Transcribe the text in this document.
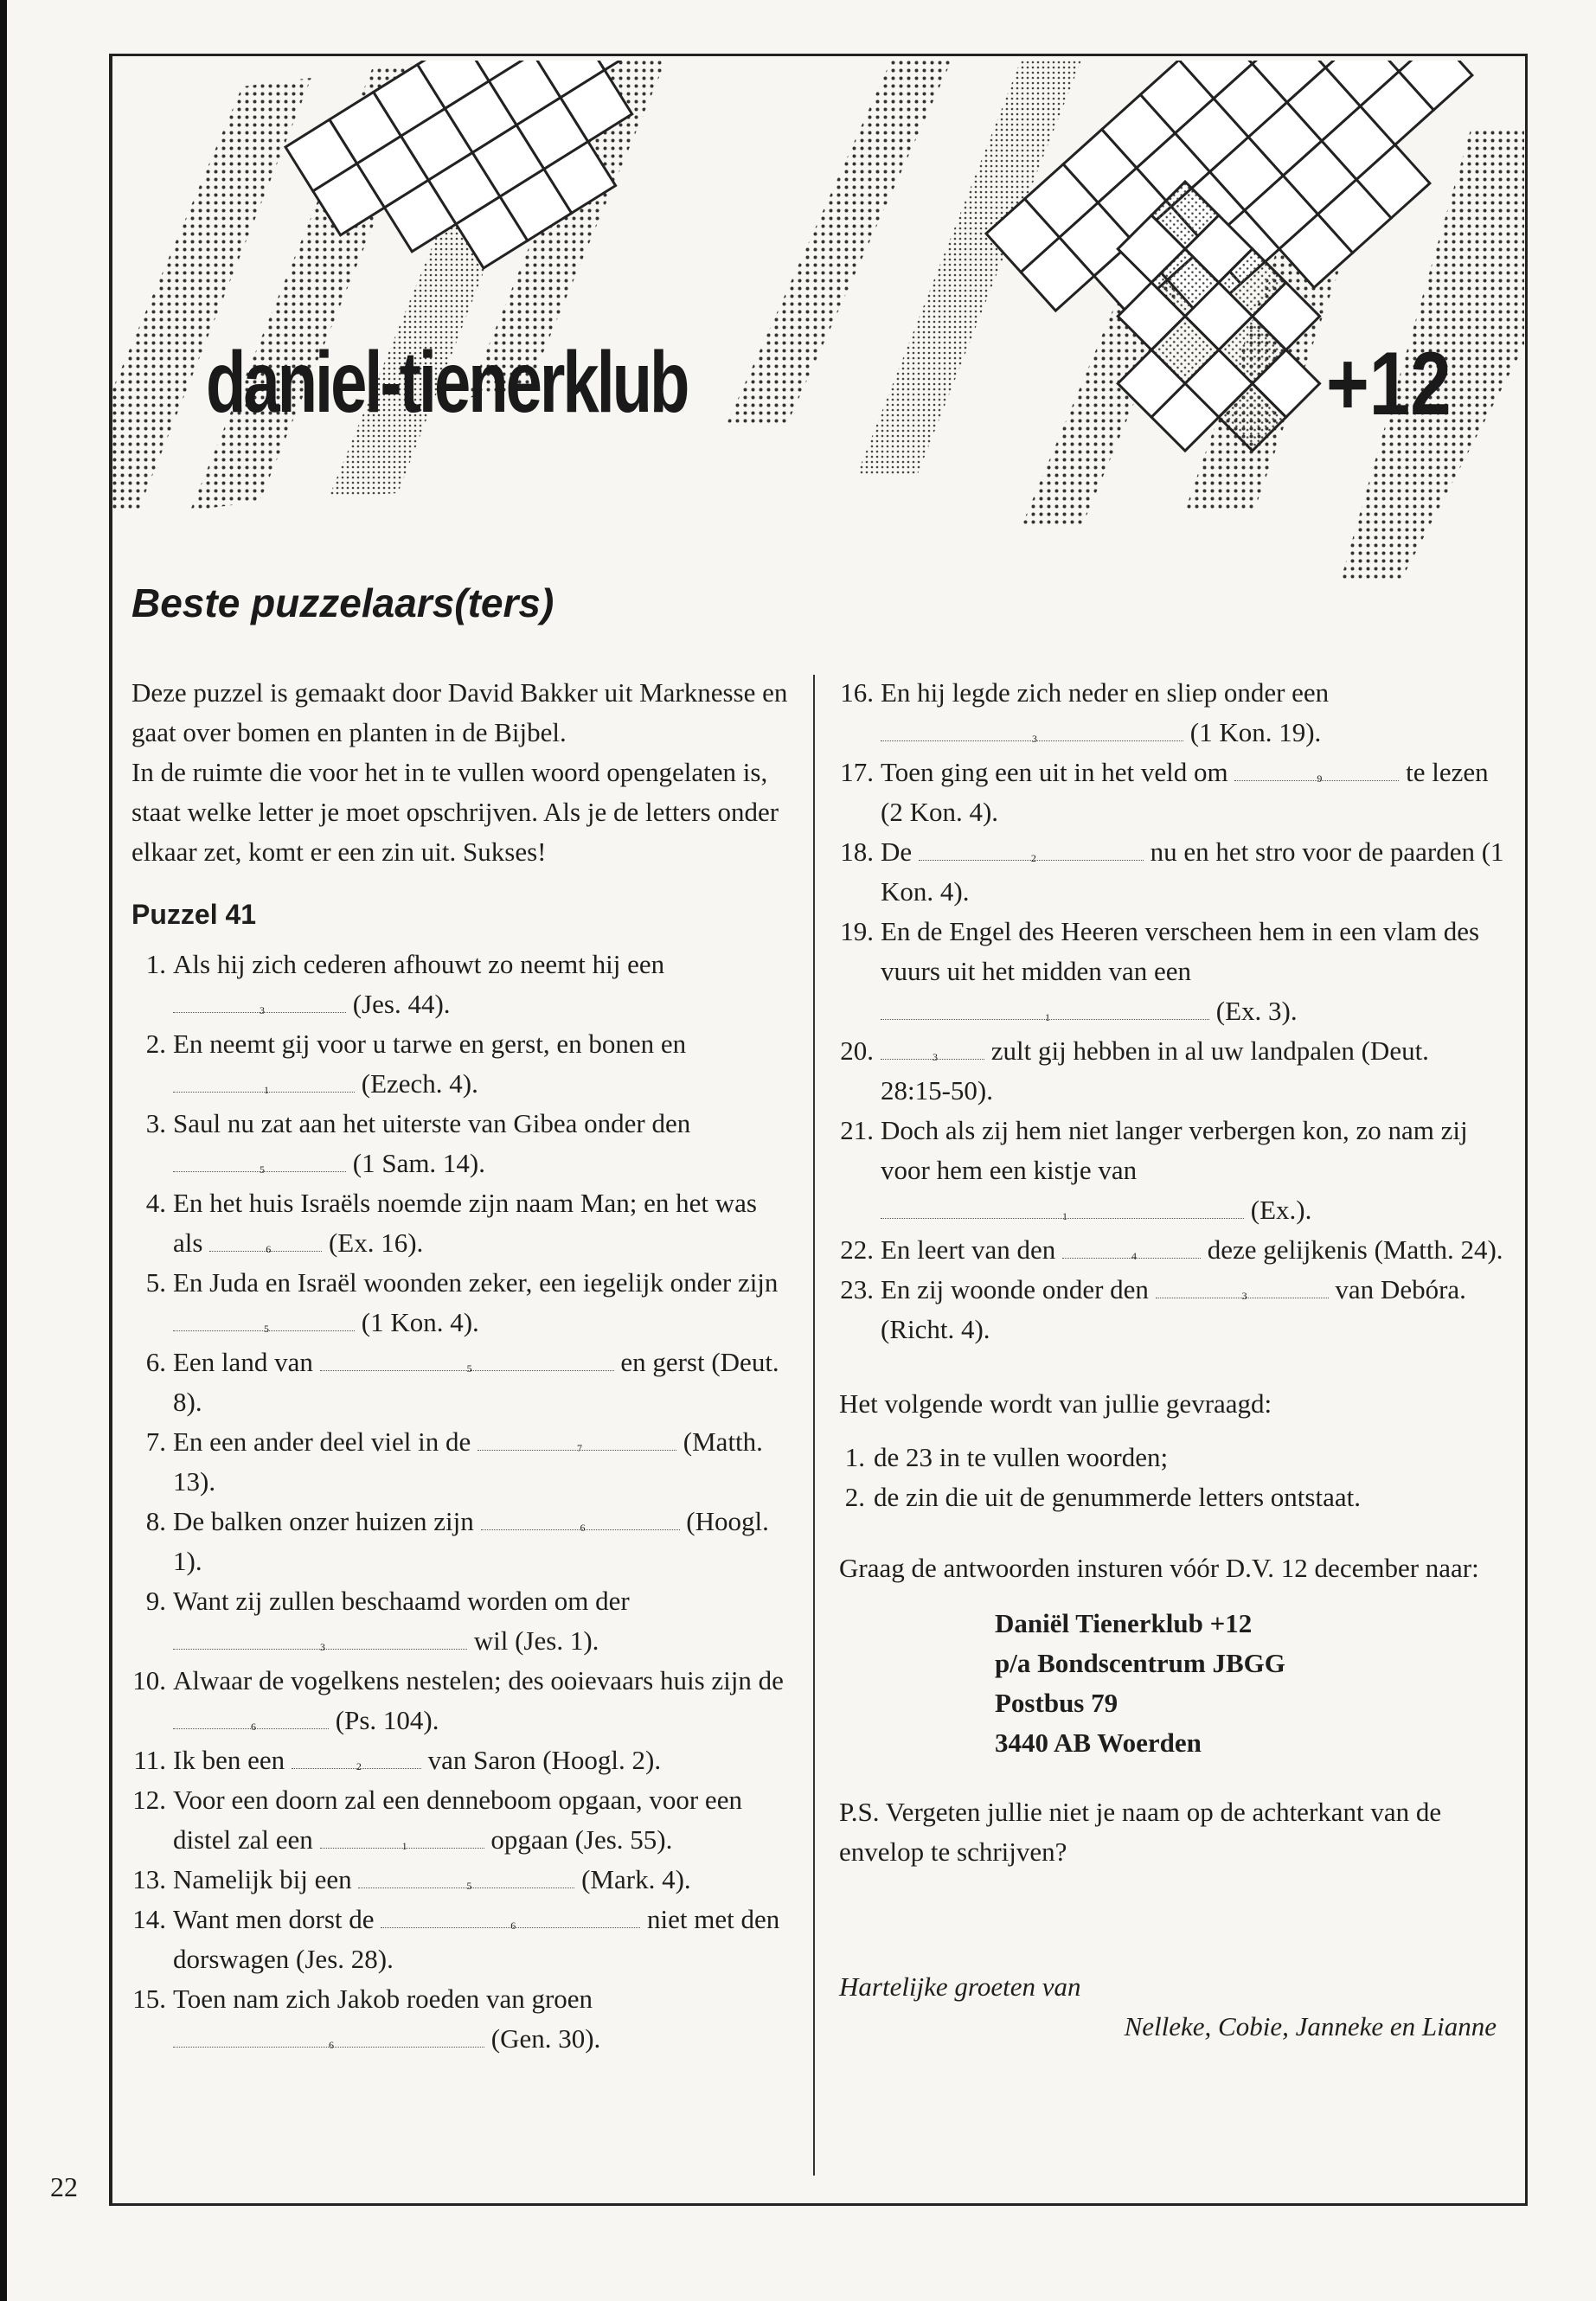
daniel-tienerklub	+12
Beste puzzelaars(ters)

Deze puzzel is gemaakt door David Bakker uit Marknesse en gaat over bomen en planten in de Bijbel.

In de ruimte die voor het in te vullen woord opengelaten is, staat welke letter je moet opschrijven. Als je de letters onder elkaar zet, komt er een zin uit. Sukses!

Puzzel 41
1. Als hij zich cederen afhouwt zo neemt hij een
3	(Jes. 44).
2. En neemt gij voor u tarwe en gerst, en bonen en
1	(Ezech. 4).
3. Saul nu zat aan het uiterste van Gibea onder den
5	(1 Sam. 14).
4. En het huis Israëls noemde zijn naam Man; en het was als	6 (Ex. 16).
5. En Juda en Israël woonden zeker, een iegelijk onder zijn
5	(1 Kon. 4).
6. Een land van	5	en gerst (Deut. 8).
7. En een ander deel viel in de	7	(Matth. 13).
8. De balken onzer huizen zijn	6	(Hoogl. 1).
9. Want zij zullen beschaamd worden om der
3	wil (Jes. 1).
10. Alwaar de vogelkens nestelen; des ooievaars huis zijn de
6	(Ps. 104).
11. Ik ben een	2 van Saron (Hoogl. 2).
12. Voor een doorn zal een denneboom opgaan, voor een distel zal een	1	opgaan (Jes. 55).
13. Namelijk bij een	5	(Mark. 4).
14. Want men dorst de	6	niet met den dorswagen (Jes. 28).
15. Toen nam zich Jakob roeden van groen
6	(Gen. 30).
16. En hij legde zich neder en sliep onder een
3	(1 Kon. 19).
17. Toen ging een uit in het veld om	9	te lezen (2 Kon. 4).
18. De	2	nu en het stro voor de paarden (1 Kon. 4).
19. En de Engel des Heeren verscheen hem in een vlam des vuurs uit het midden van een
1	(Ex. 3).
20.	3 zult gij hebben in al uw landpalen (Deut. 28:15-50).
21. Doch als zij hem niet langer verbergen kon, zo nam zij voor hem een kistje van
1	(Ex.).
22. En leert van den	4	deze gelijkenis (Matth. 24).
23. En zij woonde onder den	3	van Debóra. (Richt. 4).
Het volgende wordt van jullie gevraagd:
1. de 23 in te vullen woorden;
2. de zin die uit de genummerde letters ontstaat.
Graag de antwoorden insturen vóór D.V. 12 december naar:
Daniël Tienerklub +12
p/a Bondscentrum JBGG
Postbus 79
3440 AB Woerden
P.S. Vergeten jullie niet je naam op de achterkant van de envelop te schrijven?
Hartelijke groeten van
Nelleke, Cobie, Janneke en Lianne
22
